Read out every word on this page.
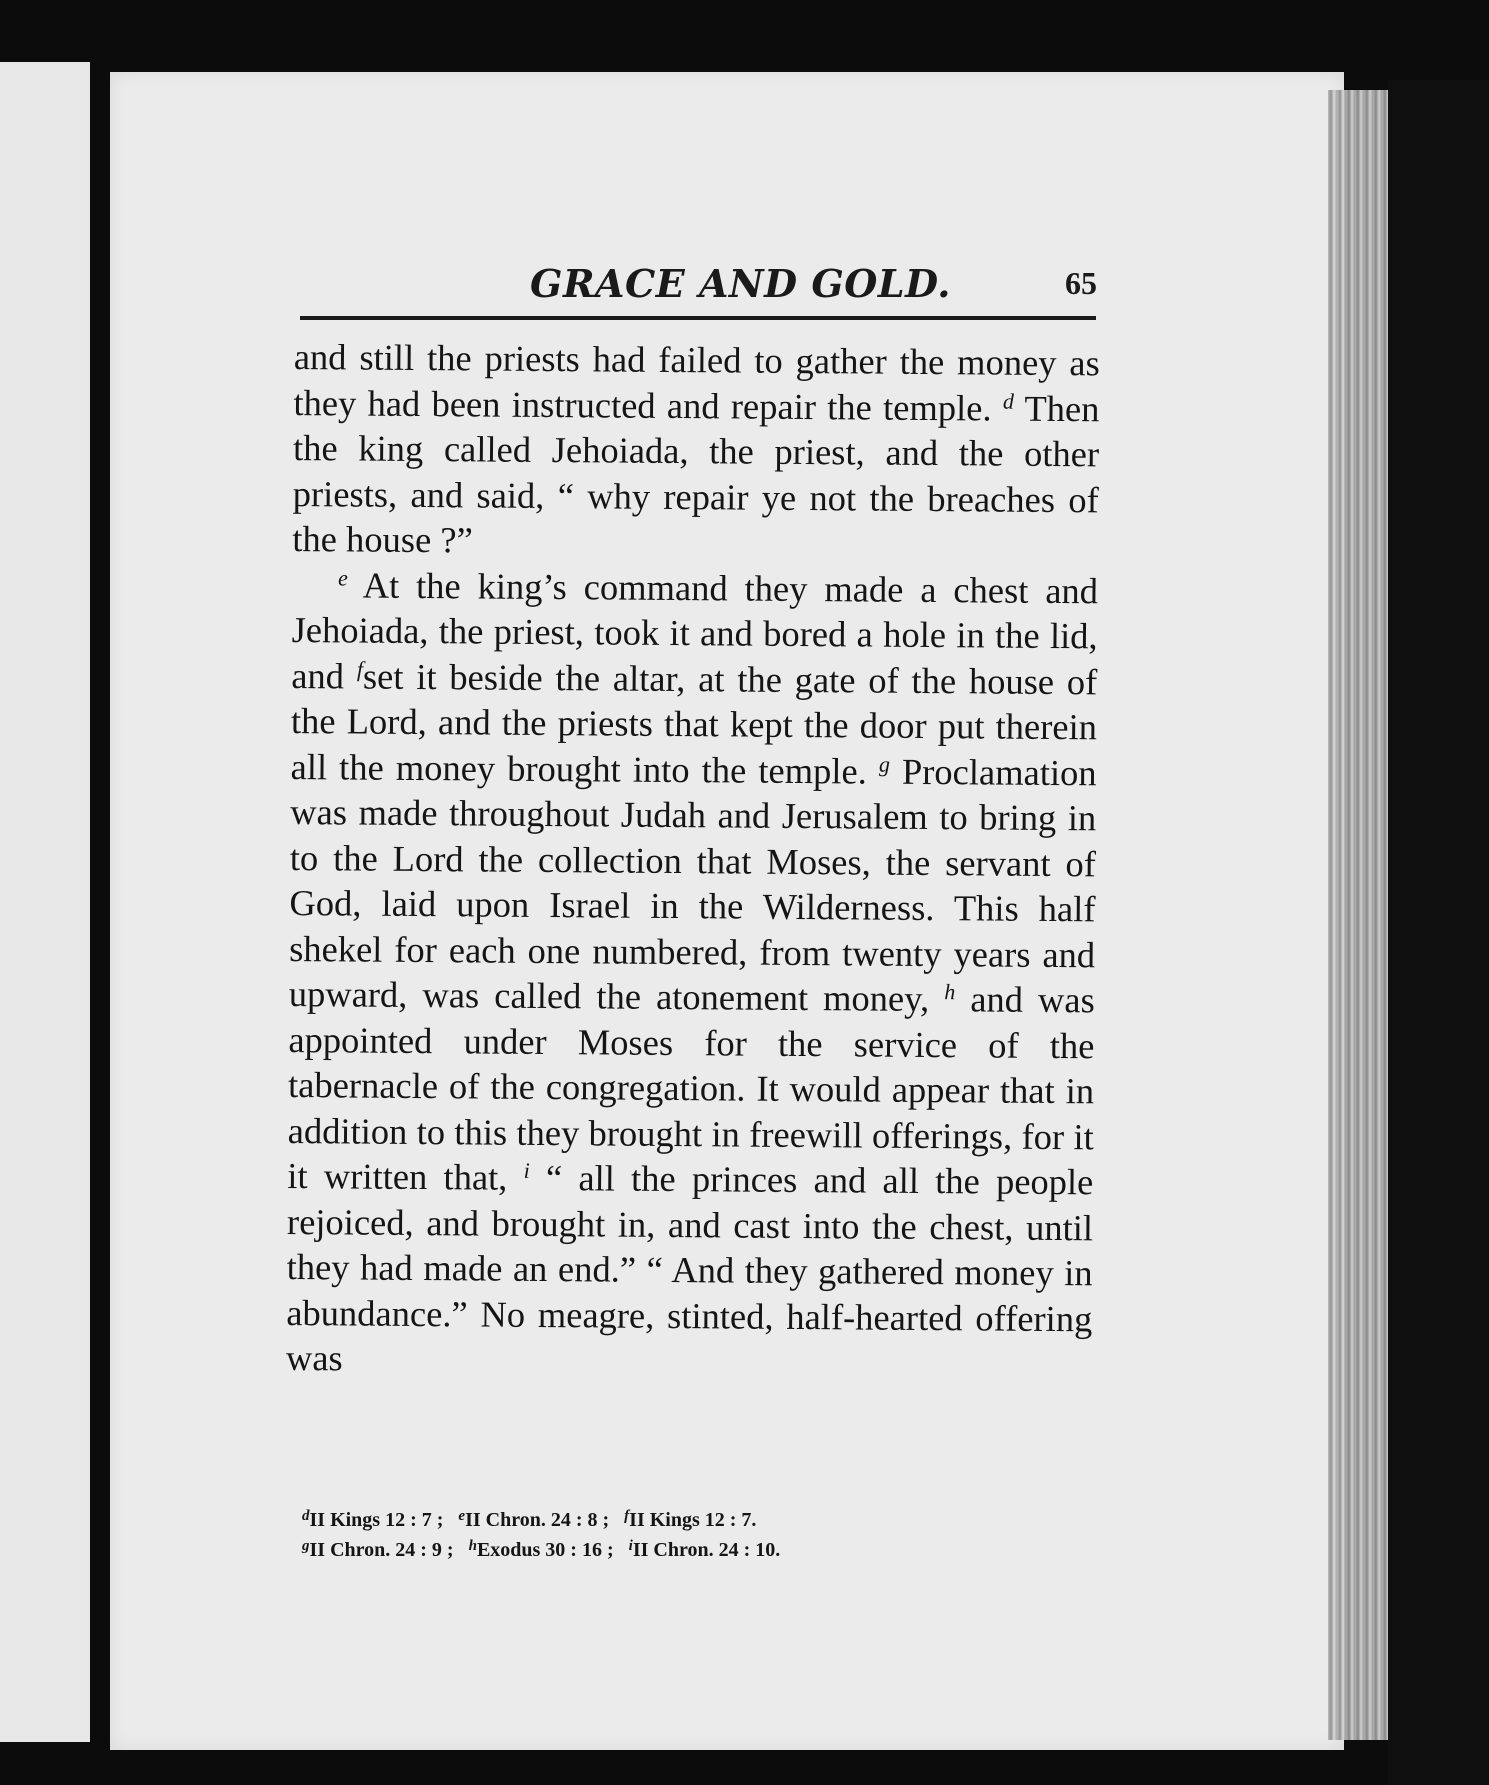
GRACE AND GOLD.	65

and still the priests had failed to gather the money as they had been instructed and repair the temple. $^d$ Then the king called Jehoiada, the priest, and the other priests, and said, “ why repair ye not the breaches of the house ?”

$^e$ At the king’s command they made a chest and Jehoiada, the priest, took it and bored a hole in the lid, and $^f$set it beside the altar, at the gate of the house of the Lord, and the priests that kept the door put therein all the money brought into the temple. $^g$ Proclamation was made throughout Judah and Jerusalem to bring in to the Lord the collection that Moses, the servant of God, laid upon Israel in the Wilderness. This half shekel for each one numbered, from twenty years and upward, was called the atonement money, $^h$ and was appointed under Moses for the service of the tabernacle of the congregation. It would appear that in addition to this they brought in freewill offerings, for it it written that, $^i$ “ all the princes and all the people rejoiced, and brought in, and cast into the chest, until they had made an end.” “ And they gathered money in abundance.” No meagre, stinted, half-hearted offering was

$^d$II Kings 12 : 7 ; $^e$II Chron. 24 : 8 ; $^f$II Kings 12 : 7.
$^g$II Chron. 24 : 9 ; $^h$Exodus 30 : 16 ; $^i$II Chron. 24 : 10.
